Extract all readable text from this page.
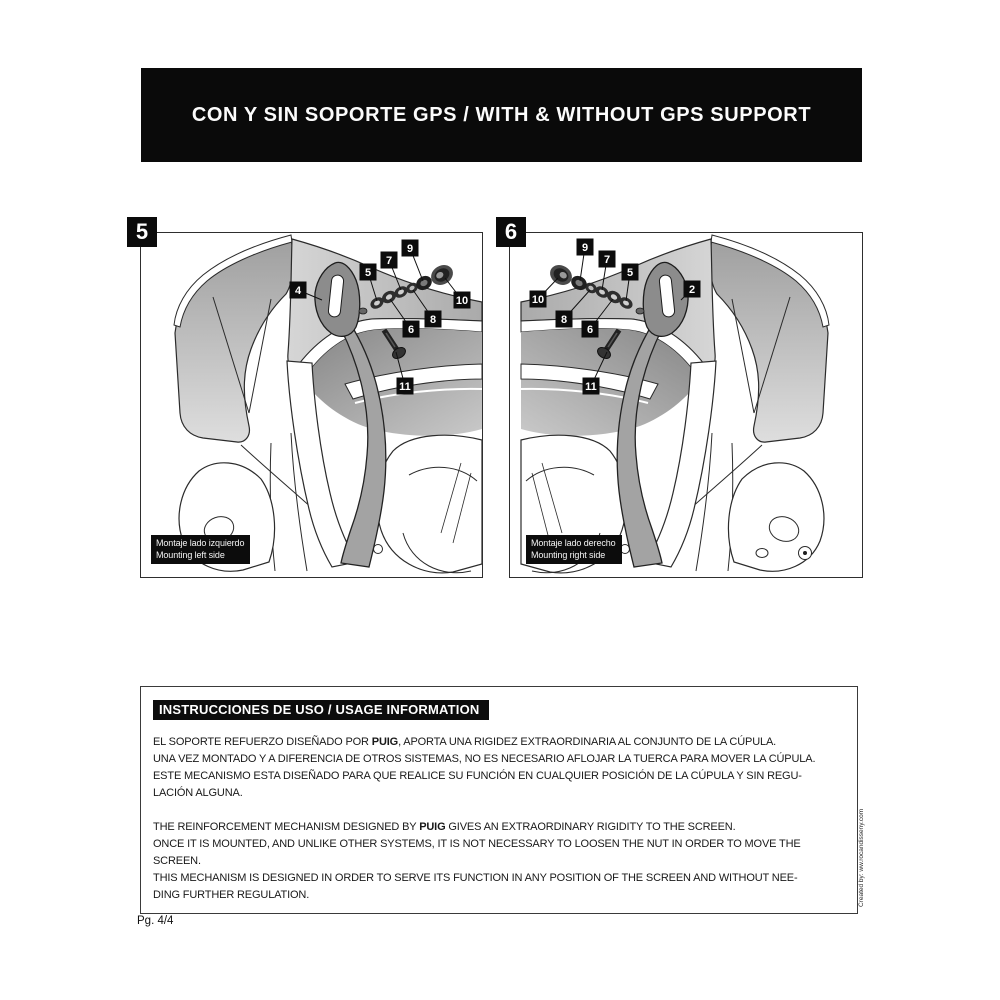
CON Y SIN SOPORTE GPS / WITH & WITHOUT GPS SUPPORT
5	6
4
5
7
9
10
8
6
11
Montaje lado izquierdo
Mounting left side
9
7
5
10
8
6
2
11
Montaje lado derecho
Mounting right side
INSTRUCCIONES DE USO / USAGE INFORMATION
EL SOPORTE REFUERZO DISEÑADO POR PUIG, APORTA UNA RIGIDEZ EXTRAORDINARIA AL CONJUNTO DE LA CÚPULA.
UNA VEZ MONTADO Y A DIFERENCIA DE OTROS SISTEMAS, NO ES NECESARIO AFLOJAR LA TUERCA PARA MOVER LA CÚPULA.
ESTE MECANISMO ESTA DISEÑADO PARA QUE REALICE SU FUNCIÓN EN CUALQUIER POSICIÓN DE LA CÚPULA Y SIN REGU-
LACIÓN ALGUNA.
THE REINFORCEMENT MECHANISM DESIGNED BY PUIG GIVES AN EXTRAORDINARY RIGIDITY TO THE SCREEN.
ONCE IT IS MOUNTED, AND UNLIKE OTHER SYSTEMS, IT IS NOT NECESSARY TO LOOSEN THE NUT IN ORDER TO MOVE THE
SCREEN.
THIS MECHANISM IS DESIGNED IN ORDER TO SERVE ITS FUNCTION IN ANY POSITION OF THE SCREEN AND WITHOUT NEE-
DING FURTHER REGULATION.	Created by: ww.rocandisseny.com
Pg. 4/4
